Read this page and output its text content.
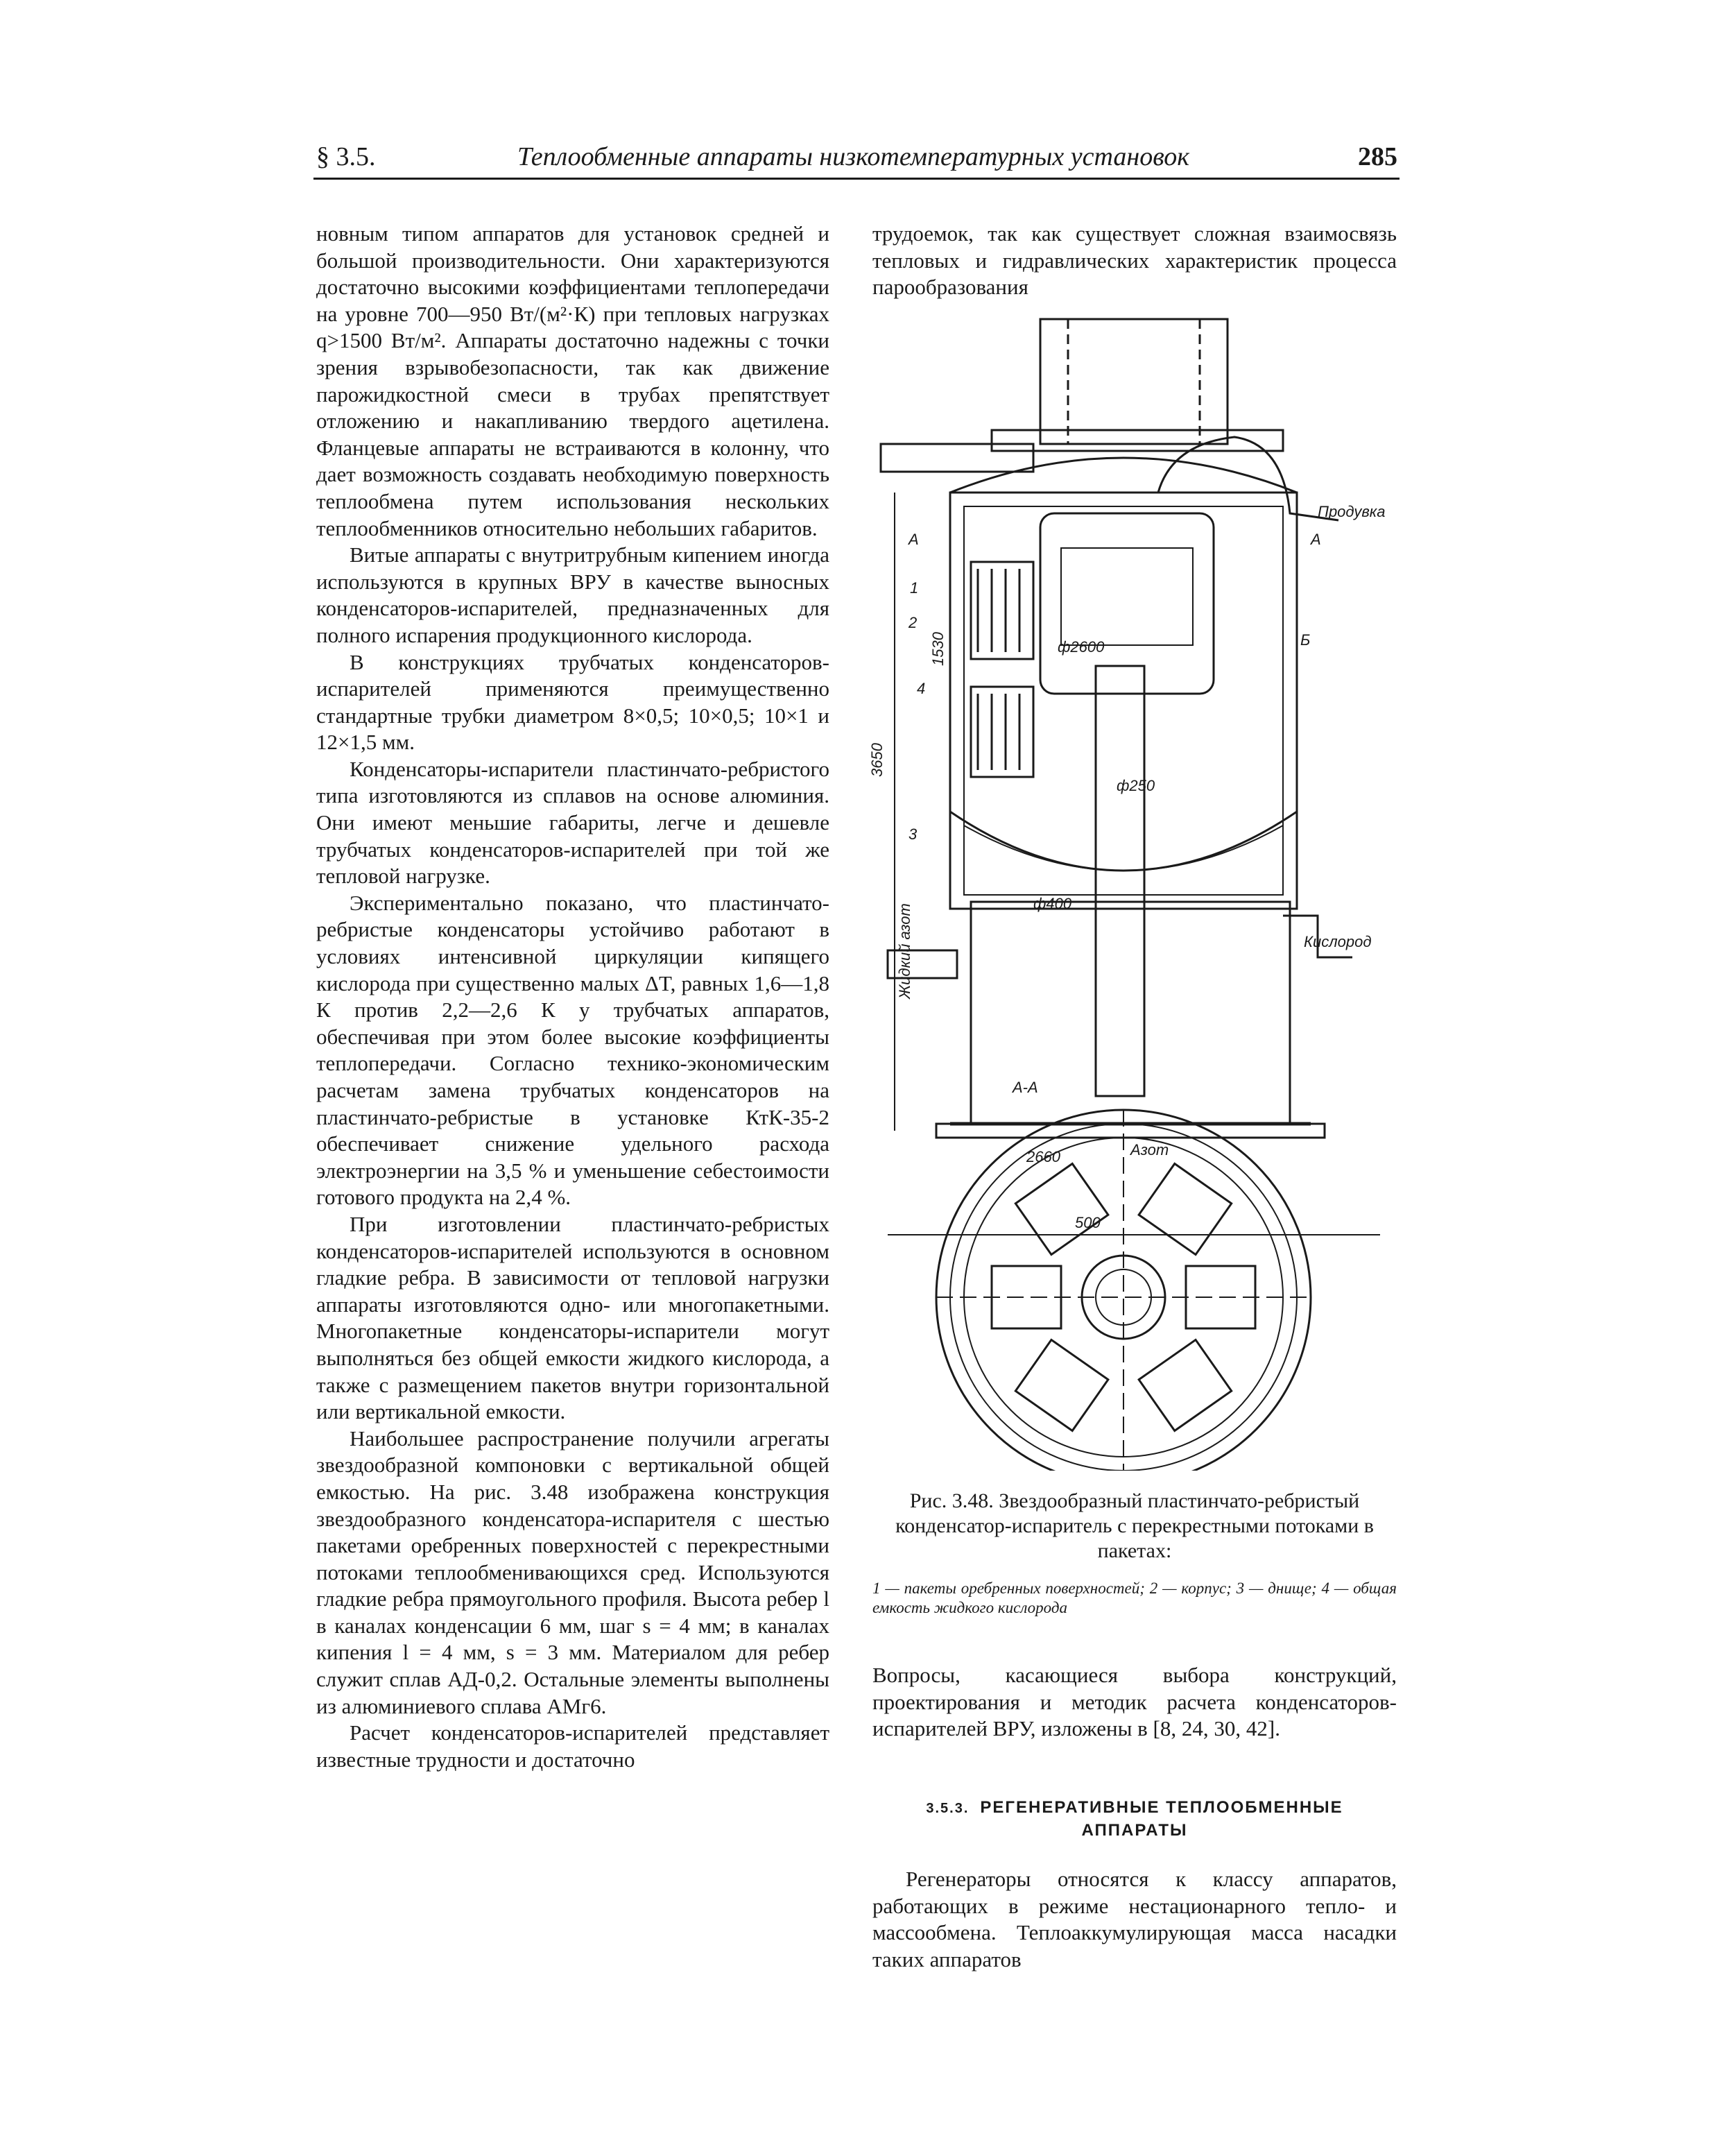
§ 3.5.	Теплообменные аппараты низкотемпературных установок	285

новным типом аппаратов для установок средней и большой производительности. Они характеризуются достаточно высокими коэффициентами теплопередачи на уровне 700—950 Вт/(м²·К) при тепловых нагрузках q>1500 Вт/м². Аппараты достаточно надежны с точки зрения взрывобезопасности, так как движение парожидкостной смеси в трубах препятствует отложению и накапливанию твердого ацетилена. Фланцевые аппараты не встраиваются в колонну, что дает возможность создавать необходимую поверхность теплообмена путем использования нескольких теплообменников относительно небольших габаритов.

Витые аппараты с внутритрубным кипением иногда используются в крупных ВРУ в качестве выносных конденсаторов-испарителей, предназначенных для полного испарения продукционного кислорода.

В конструкциях трубчатых конденсаторов-испарителей применяются преимущественно стандартные трубки диаметром 8×0,5; 10×0,5; 10×1 и 12×1,5 мм.

Конденсаторы-испарители пластинчато-ребристого типа изготовляются из сплавов на основе алюминия. Они имеют меньшие габариты, легче и дешевле трубчатых конденсаторов-испарителей при той же тепловой нагрузке.

Экспериментально показано, что пластинчато-ребристые конденсаторы устойчиво работают в условиях интенсивной циркуляции кипящего кислорода при существенно малых ΔT, равных 1,6—1,8 К против 2,2—2,6 К у трубчатых аппаратов, обеспечивая при этом более высокие коэффициенты теплопередачи. Согласно технико-экономическим расчетам замена трубчатых конденсаторов на пластинчато-ребристые в установке КтК-35-2 обеспечивает снижение удельного расхода электроэнергии на 3,5 % и уменьшение себестоимости готового продукта на 2,4 %.

При изготовлении пластинчато-ребристых конденсаторов-испарителей используются в основном гладкие ребра. В зависимости от тепловой нагрузки аппараты изготовляются одно- или многопакетными. Многопакетные конденсаторы-испарители могут выполняться без общей емкости жидкого кислорода, а также с размещением пакетов внутри горизонтальной или вертикальной емкости.

Наибольшее распространение получили агрегаты звездообразной компоновки с вертикальной общей емкостью. На рис. 3.48 изображена конструкция звездообразного конденсатора-испарителя с шестью пакетами оребренных поверхностей с перекрестными потоками теплообменивающихся сред. Используются гладкие ребра прямоугольного профиля. Высота ребер l в каналах конденсации 6 мм, шаг s = 4 мм; в каналах кипения l = 4 мм, s = 3 мм. Материалом для ребер служит сплав АД-0,2. Остальные элементы выполнены из алюминиевого сплава АМг6.

Расчет конденсаторов-испарителей представляет известные трудности и достаточно

трудоемок, так как существует сложная взаимосвязь тепловых и гидравлических характеристик процесса парообразования

Продувка
А	А
1
2
3
4
Б
ф2600
ф250
ф400
1530
3650
Жидкий азот	Кислород
Азот
2660
А-А
500
Рис. 3.48. Звездообразный пластинчато-ребристый конденсатор-испаритель с перекрестными потоками в пакетах:
1 — пакеты оребренных поверхностей; 2 — корпус; 3 — днище; 4 — общая емкость жидкого кислорода

Вопросы, касающиеся выбора конструкций, проектирования и методик расчета конденсаторов-испарителей ВРУ, изложены в [8, 24, 30, 42].

3.5.3. РЕГЕНЕРАТИВНЫЕ ТЕПЛООБМЕННЫЕ
АППАРАТЫ

Регенераторы относятся к классу аппаратов, работающих в режиме нестационарного тепло- и массообмена. Теплоаккумулирующая масса насадки таких аппаратов
